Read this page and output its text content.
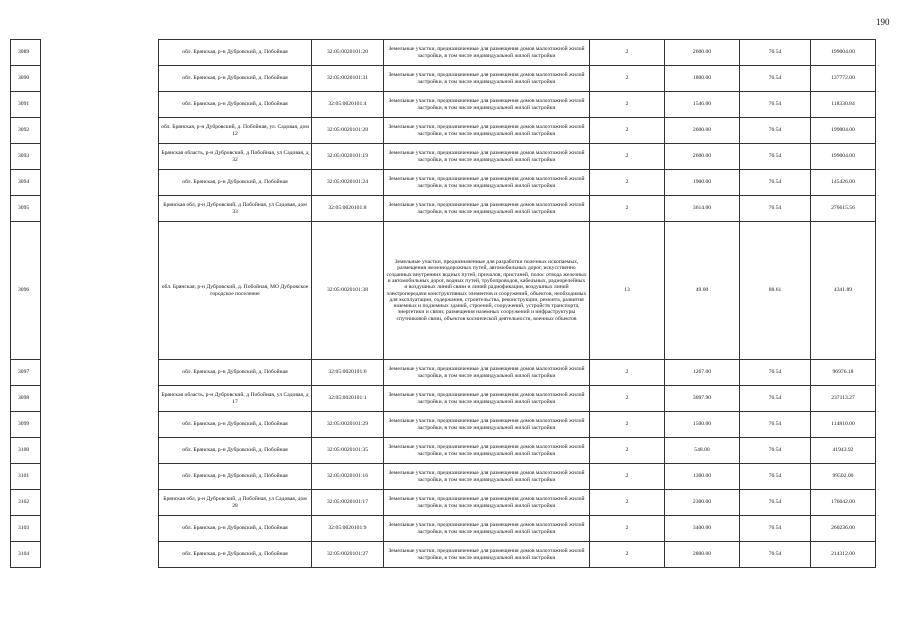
190
3089		обл. Брянская, р-н Дубровский, д. Побойная	32:05:0020101:20	Земельные участки, предназначенные для размещения домов малоэтажной жилой застройки, в том числе индивидуальной жилой застройки	2	2600.00	76.54	199004.00
3090		обл. Брянская, р-н Дубровский, д. Побойная	32:05:0020101:31	Земельные участки, предназначенные для размещения домов малоэтажной жилой застройки, в том числе индивидуальной жилой застройки	2	1800.00	76.54	137772.00
3091		обл. Брянская, р-н Дубровский, д. Побойная	32:05:0020101:4	Земельные участки, предназначенные для размещения домов малоэтажной жилой застройки, в том числе индивидуальной жилой застройки	2	1546.00	76.54	118330.84
3092		обл. Брянская, р-н Дубровский, д. Побойная, ул. Садовая, дом 12	32:05:0020101:28	Земельные участки, предназначенные для размещения домов малоэтажной жилой застройки, в том числе индивидуальной жилой застройки	2	2600.00	76.54	199004.00
3093		Брянская область, р-н Дубровский, д Побойная, ул Садовая, д 32	32:05:0020101:19	Земельные участки, предназначенные для размещения домов малоэтажной жилой застройки, в том числе индивидуальной жилой застройки	2	2600.00	76.54	199004.00
3094		обл. Брянская, р-н Дубровский, д. Побойная	32:05:0020101:24	Земельные участки, предназначенные для размещения домов малоэтажной жилой застройки, в том числе индивидуальной жилой застройки	2	1900.00	76.54	145426.00
3095		Брянская обл, р-н Дубровский, д Побойная, ул Садовая, дом 33	32:05:0020101:8	Земельные участки, предназначенные для размещения домов малоэтажной жилой застройки, в том числе индивидуальной жилой застройки	2	3614.00	76.54	276615.56
3096		обл. Брянская, р-н Дубровский, д. Побойная, МО Дубровское городское поселение	32:05:0020101:38	Земельные участки, предназначенные для разработки полезных ископаемых, размещения железнодорожных путей, автомобильных дорог, искусственно созданных внутренних водных путей, причалов, пристаней, полос отвода железных и автомобильных дорог, водных путей, трубопроводов, кабельных, радиорелейных и воздушных линий связи и линий радиофикации, воздушных линий электропередачи конструктивных элементов и сооружений, объектов, необходимых для эксплуатации, содержания, строительства, реконструкции, ремонта, развития наземных и подземных зданий, строений, сооружений, устройств транспорта, энергетики и связи; размещения наземных сооружений и инфраструктуры спутниковой связи, объектов космической деятельности, военных объектов	13	49.00	88.61	4341.89
3097		обл. Брянская, р-н Дубровский, д. Побойная	32:05:0020101:6	Земельные участки, предназначенные для размещения домов малоэтажной жилой застройки, в том числе индивидуальной жилой застройки	2	1267.00	76.54	96976.18
3098		Брянская область, р-н Дубровский, д Побойная, ул Садовая, д 17	32:05:0020101:1	Земельные участки, предназначенные для размещения домов малоэтажной жилой застройки, в том числе индивидуальной жилой застройки	2	3097.90	76.54	237113.27
3099		обл. Брянская, р-н Дубровский, д. Побойная	32:05:0020101:29	Земельные участки, предназначенные для размещения домов малоэтажной жилой застройки, в том числе индивидуальной жилой застройки	2	1500.00	76.54	114810.00
3100		обл. Брянская, р-н Дубровский, д. Побойная	32:05:0020101:35	Земельные участки, предназначенные для размещения домов малоэтажной жилой застройки, в том числе индивидуальной жилой застройки	2	548.00	76.54	41943.92
3101		обл. Брянская, р-н Дубровский, д. Побойная	32:05:0020101:16	Земельные участки, предназначенные для размещения домов малоэтажной жилой застройки, в том числе индивидуальной жилой застройки	2	1300.00	76.54	99502.00
3102		Брянская обл, р-н Дубровский, д Побойная, ул Садовая, дом 28	32:05:0020101:17	Земельные участки, предназначенные для размещения домов малоэтажной жилой застройки, в том числе индивидуальной жилой застройки	2	2300.00	76.54	176042.00
3103		обл. Брянская, р-н Дубровский, д. Побойная	32:05:0020101:9	Земельные участки, предназначенные для размещения домов малоэтажной жилой застройки, в том числе индивидуальной жилой застройки	2	3400.00	76.54	260236.00
3104		обл. Брянская, р-н Дубровский, д. Побойная	32:05:0020101:27	Земельные участки, предназначенные для размещения домов малоэтажной жилой застройки, в том числе индивидуальной жилой застройки	2	2800.00	76.54	214312.00
